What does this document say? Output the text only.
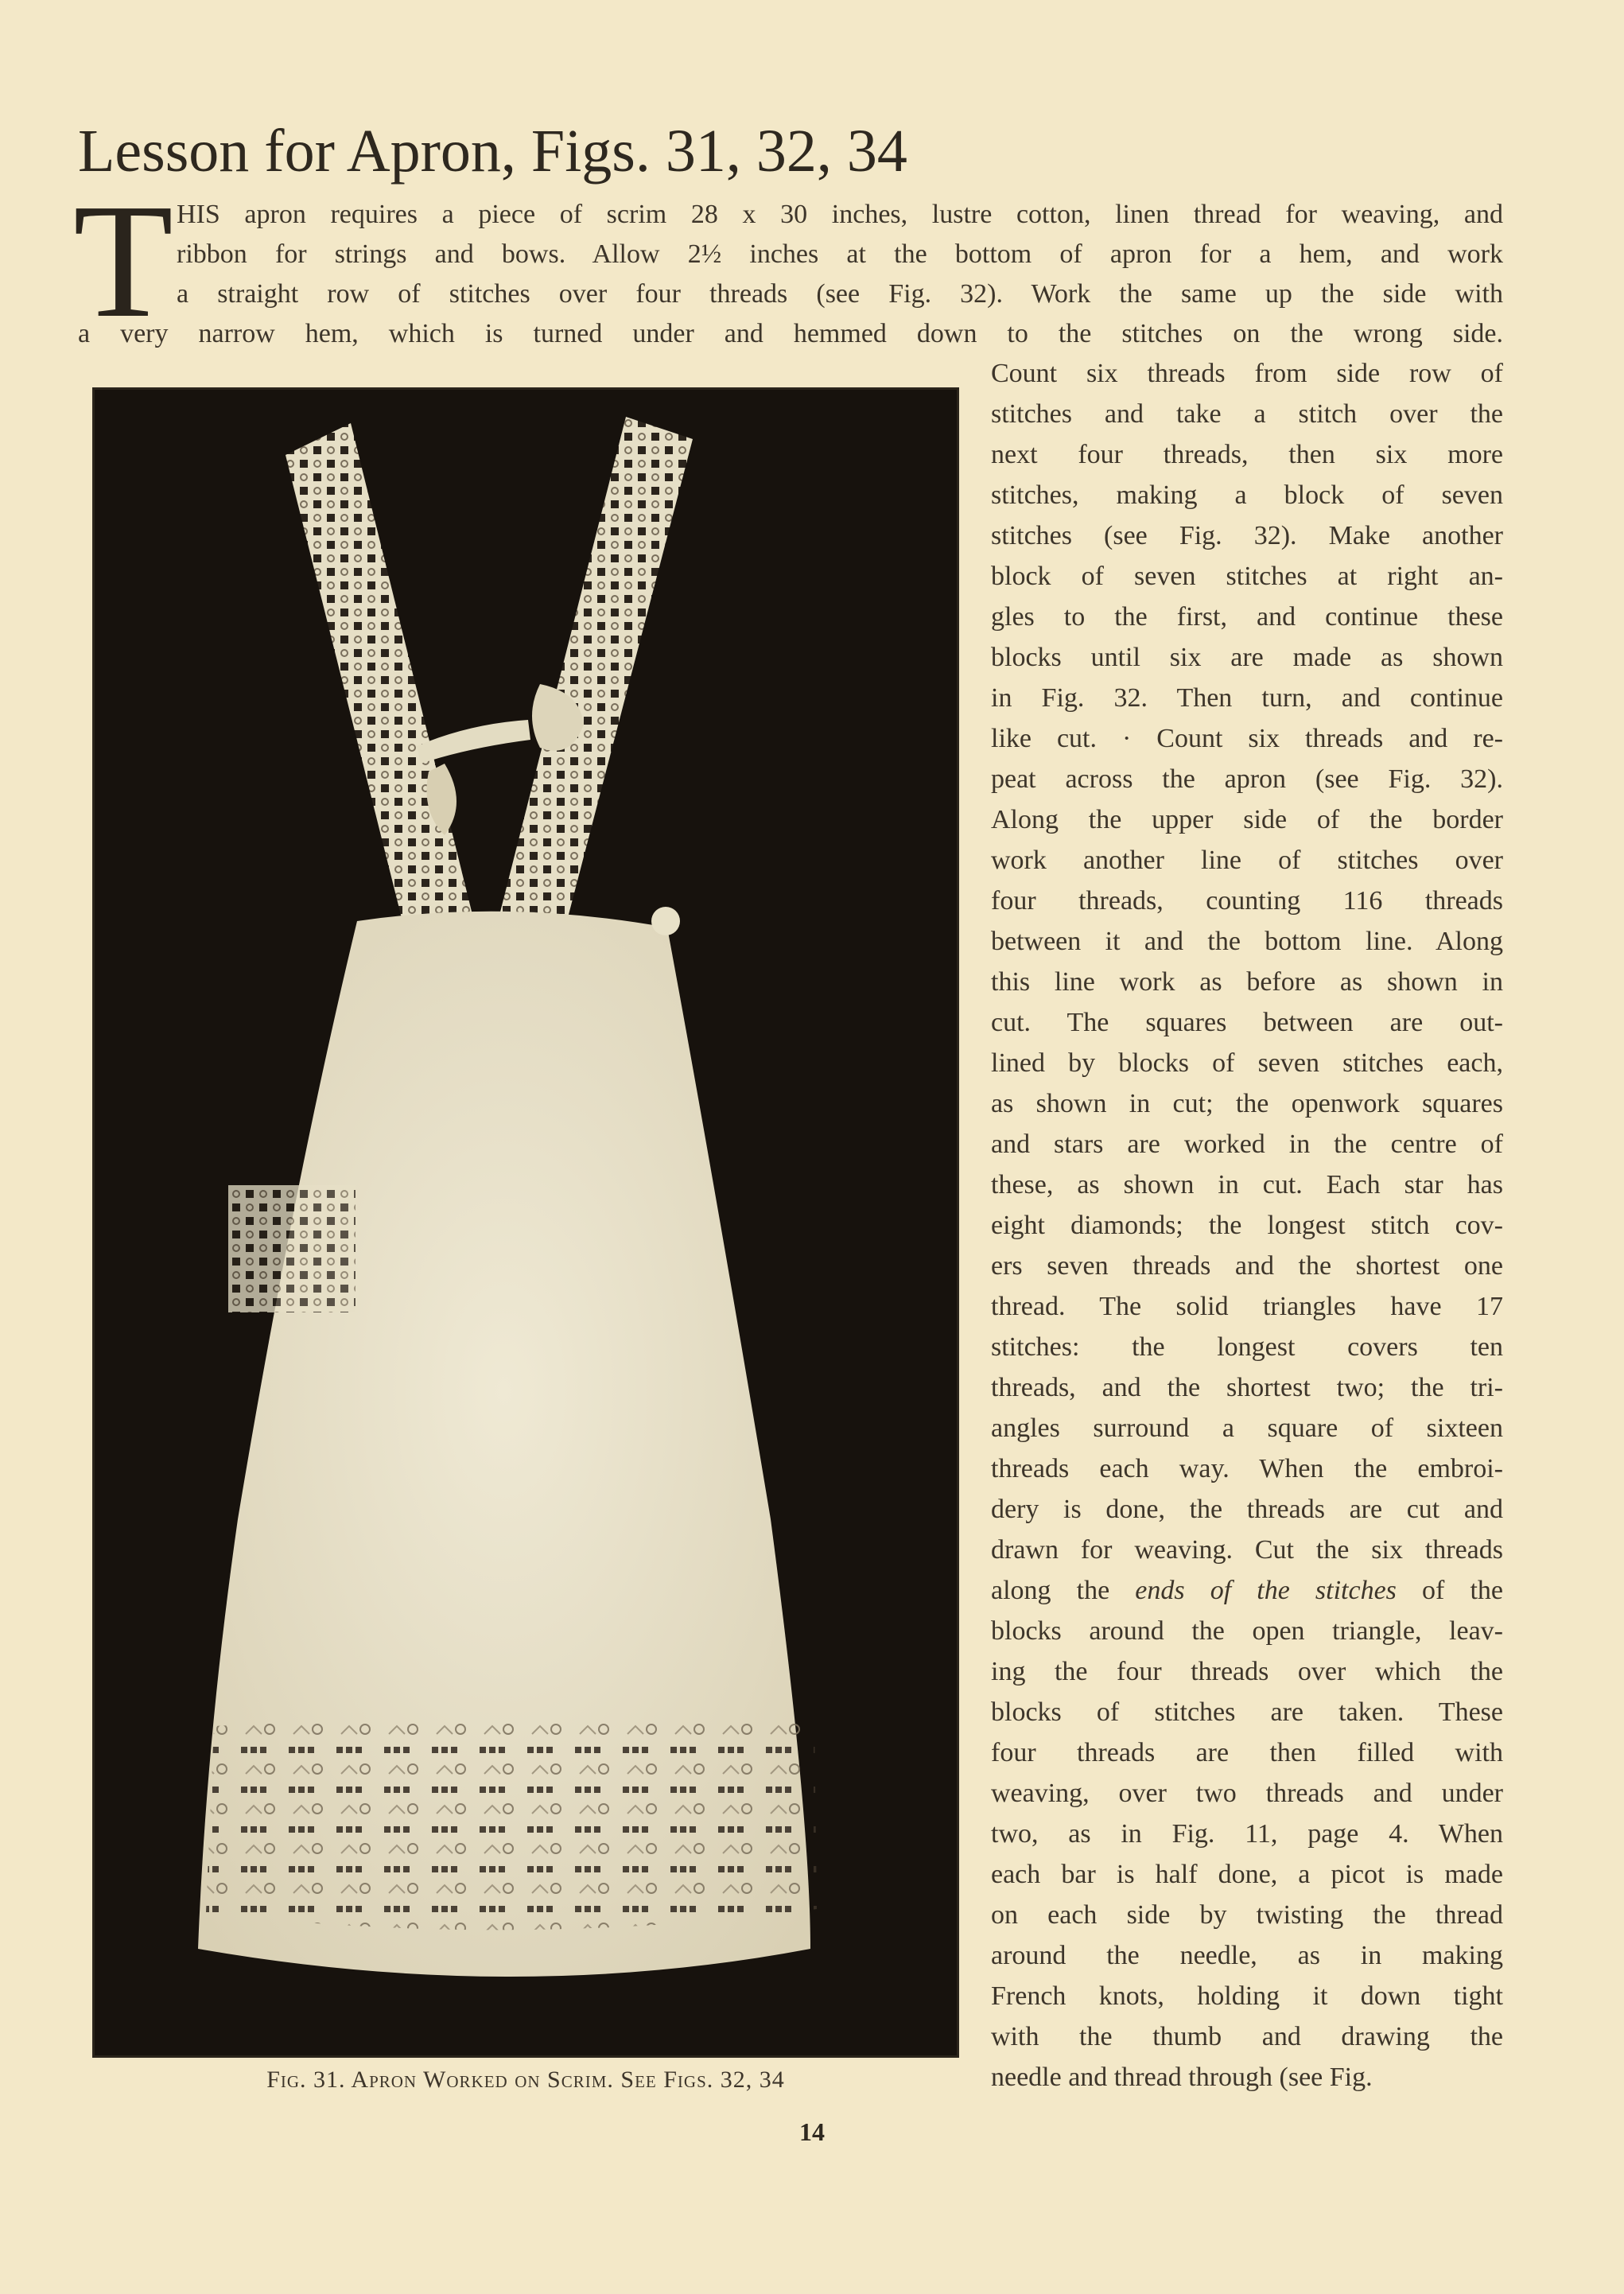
Lesson for Apron, Figs. 31, 32, 34
T HIS apron requires a piece of scrim 28 x 30 inches, lustre cotton, linen thread for weaving, and
ribbon for strings and bows. Allow 2½ inches at the bottom of apron for a hem, and work
a straight row of stitches over four threads (see Fig. 32). Work the same up the side with
a very narrow hem, which is turned under and hemmed down to the stitches on the wrong side.
Count six threads from side row of
stitches and take a stitch over the
next four threads, then six more
stitches, making a block of seven
stitches (see Fig. 32). Make another
block of seven stitches at right an-
gles to the first, and continue these
blocks until six are made as shown
in Fig. 32. Then turn, and continue
like cut. · Count six threads and re-
peat across the apron (see Fig. 32).
Along the upper side of the border
work another line of stitches over
four threads, counting 116 threads
between it and the bottom line. Along
this line work as before as shown in
cut. The squares between are out-
lined by blocks of seven stitches each,
as shown in cut; the openwork squares
and stars are worked in the centre of
these, as shown in cut. Each star has
eight diamonds; the longest stitch cov-
ers seven threads and the shortest one
thread. The solid triangles have 17
stitches: the longest covers ten
threads, and the shortest two; the tri-
angles surround a square of sixteen
threads each way. When the embroi-
dery is done, the threads are cut and
drawn for weaving. Cut the six threads
along the ends of the stitches of the
blocks around the open triangle, leav-
ing the four threads over which the
blocks of stitches are taken. These
four threads are then filled with
weaving, over two threads and under
two, as in Fig. 11, page 4. When
each bar is half done, a picot is made
on each side by twisting the thread
around the needle, as in making
French knots, holding it down tight
with the thumb and drawing the
needle and thread through (see Fig.
Fig. 31. Apron Worked on Scrim. See Figs. 32, 34
14
